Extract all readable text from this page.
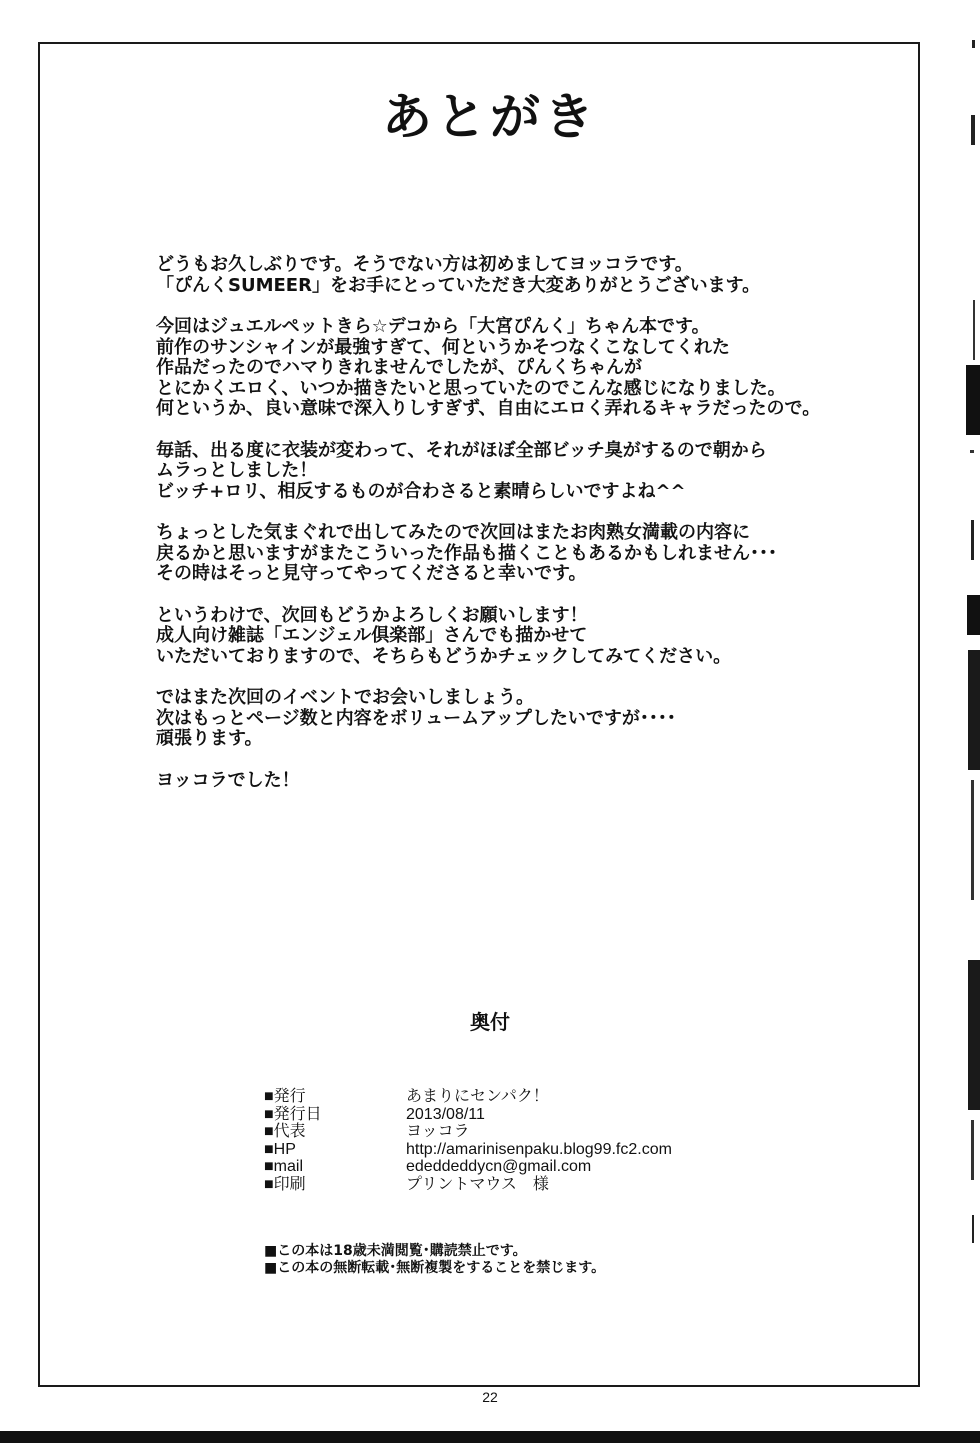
あとがき

どうもお久しぶりです。そうでない方は初めましてヨッコラです。
「ぴんくSUMEER」をお手にとっていただき大変ありがとうございます。

今回はジュエルペットきら☆デコから「大宮ぴんく」ちゃん本です。
前作のサンシャインが最強すぎて、何というかそつなくこなしてくれた
作品だったのでハマりきれませんでしたが、ぴんくちゃんが
とにかくエロく、いつか描きたいと思っていたのでこんな感じになりました。
何というか、良い意味で深入りしすぎず、自由にエロく弄れるキャラだったので。

毎話、出る度に衣装が変わって、それがほぼ全部ビッチ臭がするので朝から
ムラっとしました！
ビッチ+ロリ、相反するものが合わさると素晴らしいですよね^^

ちょっとした気まぐれで出してみたので次回はまたお肉熟女満載の内容に
戻るかと思いますがまたこういった作品も描くこともあるかもしれません･･･
その時はそっと見守ってやってくださると幸いです。

というわけで、次回もどうかよろしくお願いします！
成人向け雑誌「エンジェル倶楽部」さんでも描かせて
いただいておりますので、そちらもどうかチェックしてみてください。

ではまた次回のイベントでお会いしましょう。
次はもっとページ数と内容をボリュームアップしたいですが････
頑張ります。

ヨッコラでした！

奥付
■発行	あまりにセンパク！
■発行日	2013/08/11
■代表	ヨッコラ
■HP	http://amarinisenpaku.blog99.fc2.com
■mail	ededdeddycn@gmail.com
■印刷	プリントマウス　様
■この本は18歳未満閲覧･購読禁止です。
■この本の無断転載･無断複製をすることを禁じます。
22
